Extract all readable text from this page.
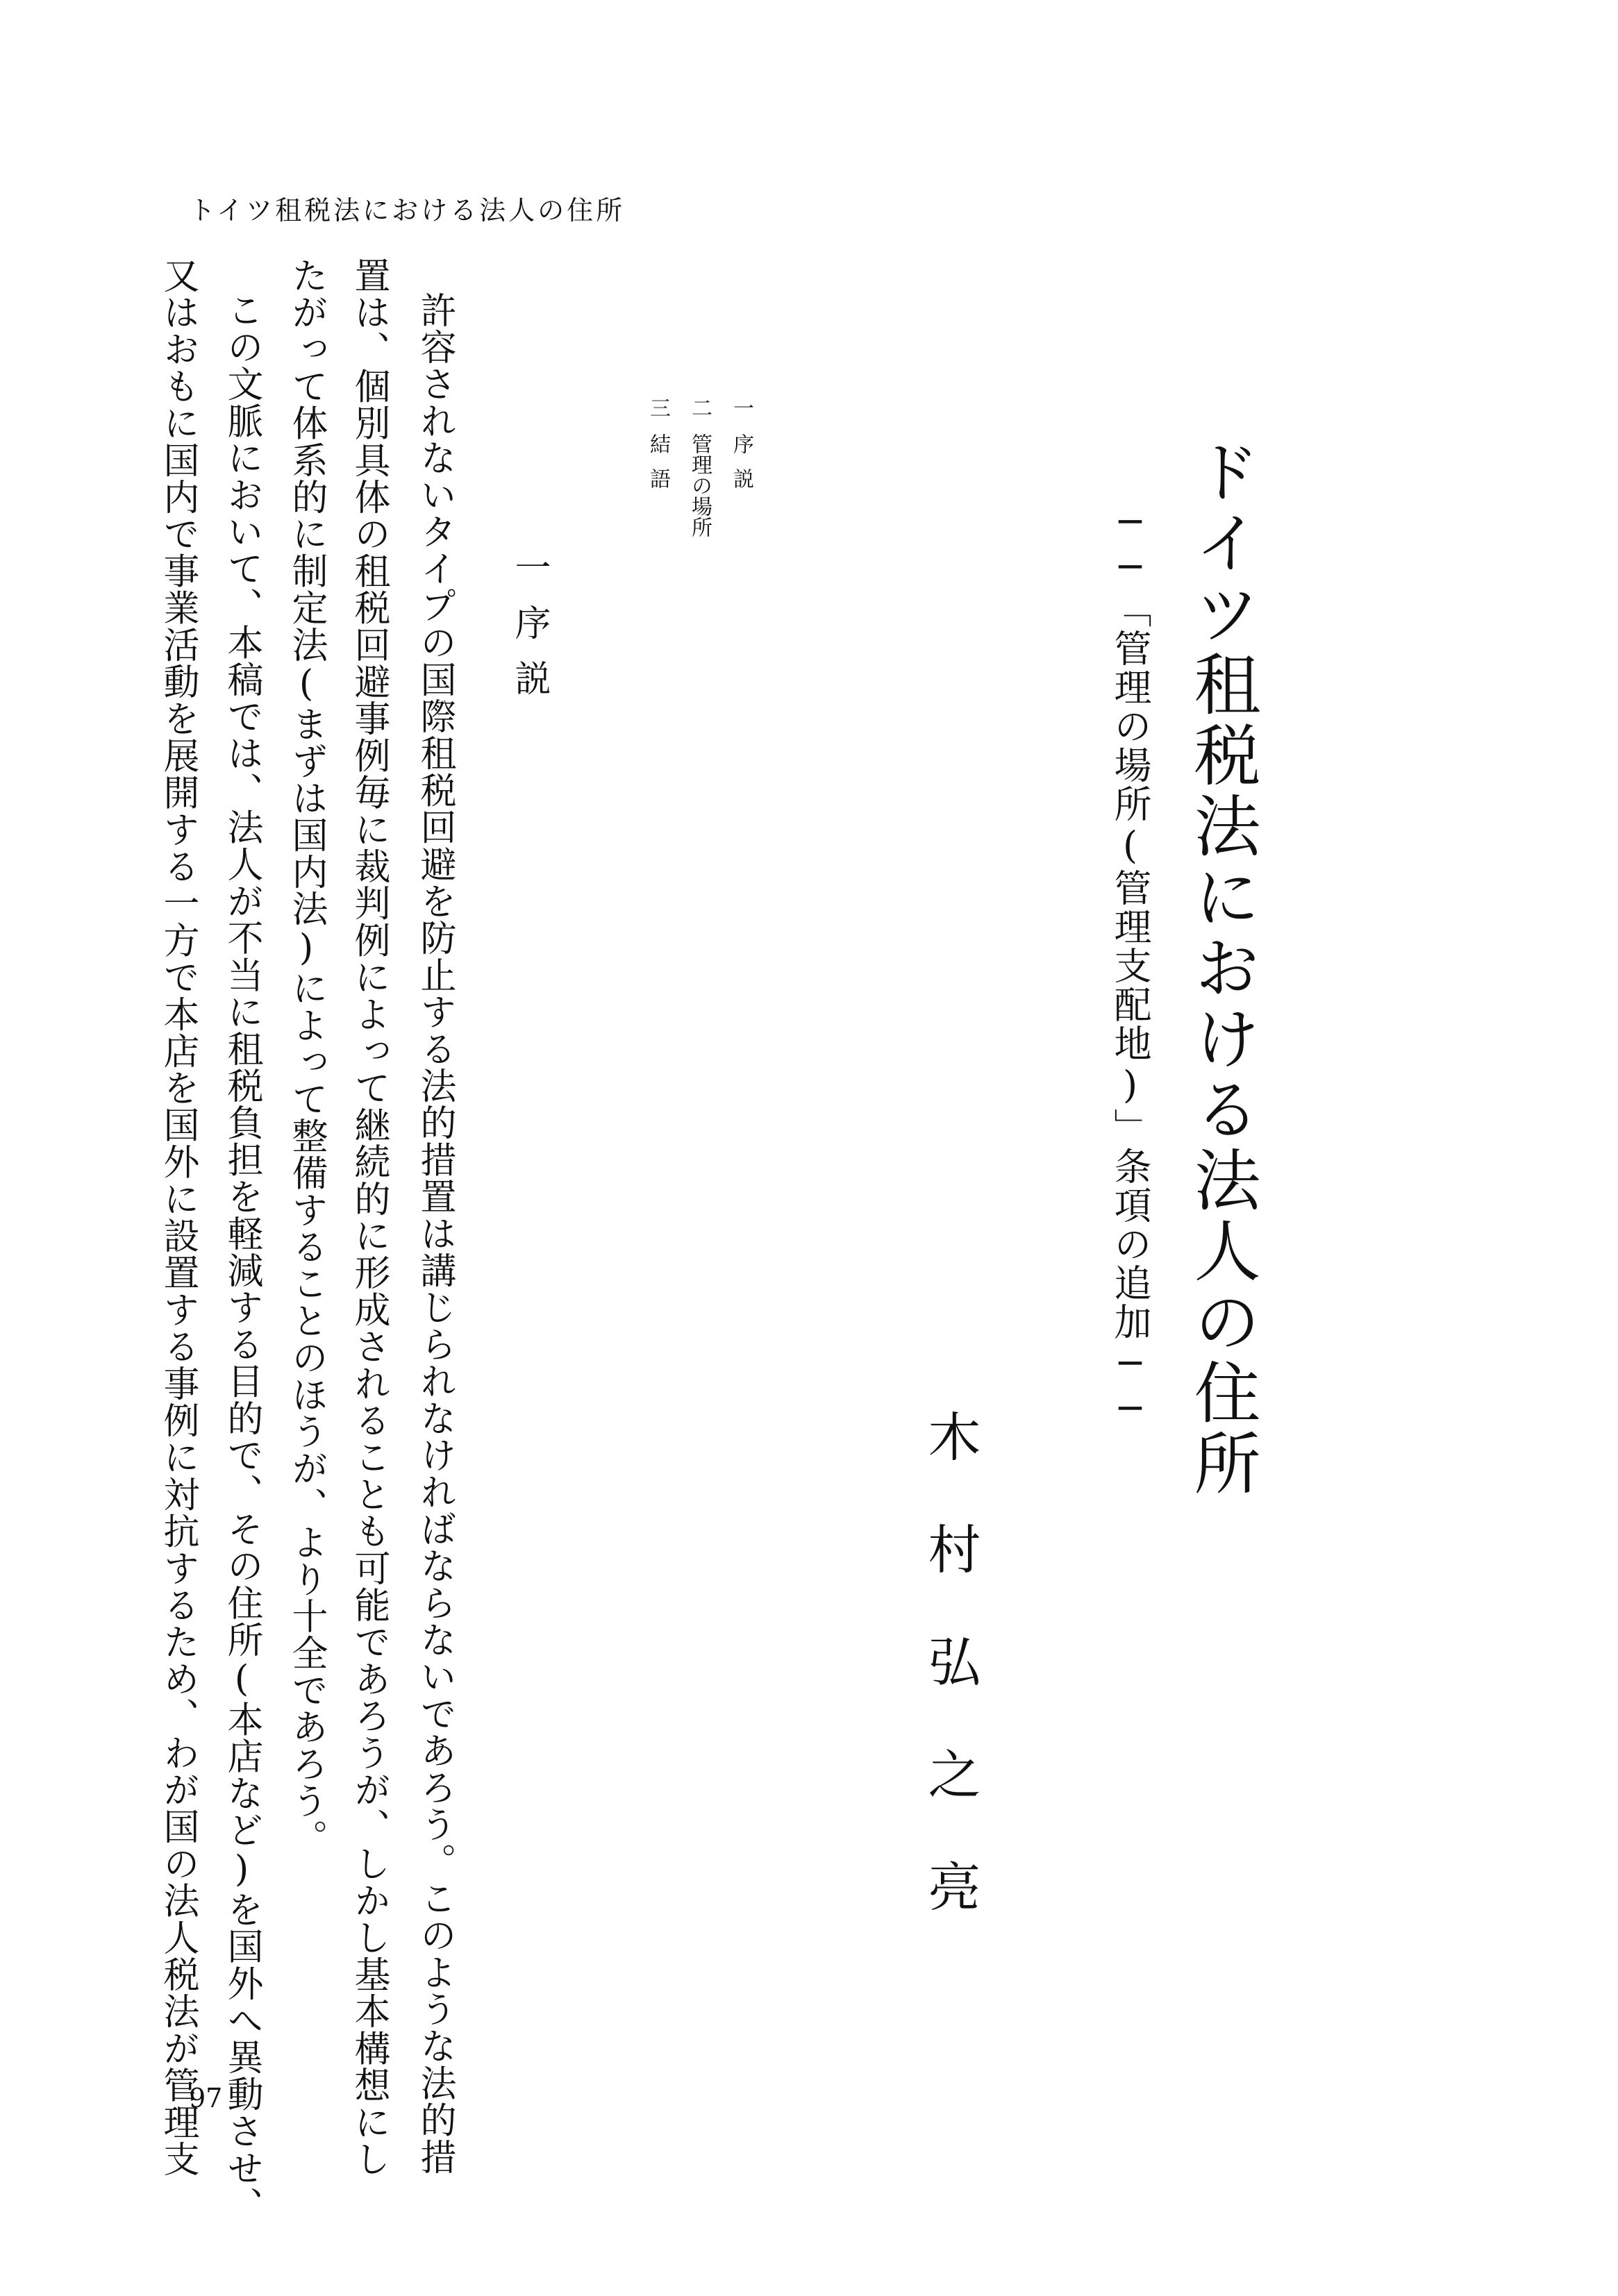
トイツ租税法における法人の住所
ドイツ租税法における法人の住所
──「管理の場所(管理支配地)」条項の追加──
木村弘之亮
一序説
二管理の場所
三結語
一序説
許容されないタイプの国際租税回避を防止する法的措置は講じられなければならないであろう。このような法的措
置は、個別具体の租税回避事例毎に裁判例によって継続的に形成されることも可能であろうが、しかし基本構想にし
たがって体系的に制定法(まずは国内法)によって整備することのほうが、より十全であろう。
この文脈において、本稿では、法人が不当に租税負担を軽減する目的で、その住所(本店など)を国外へ異動させ、
又はおもに国内で事業活動を展開する一方で本店を国外に設置する事例に対抗するため、わが国の法人税法が管理支
97
